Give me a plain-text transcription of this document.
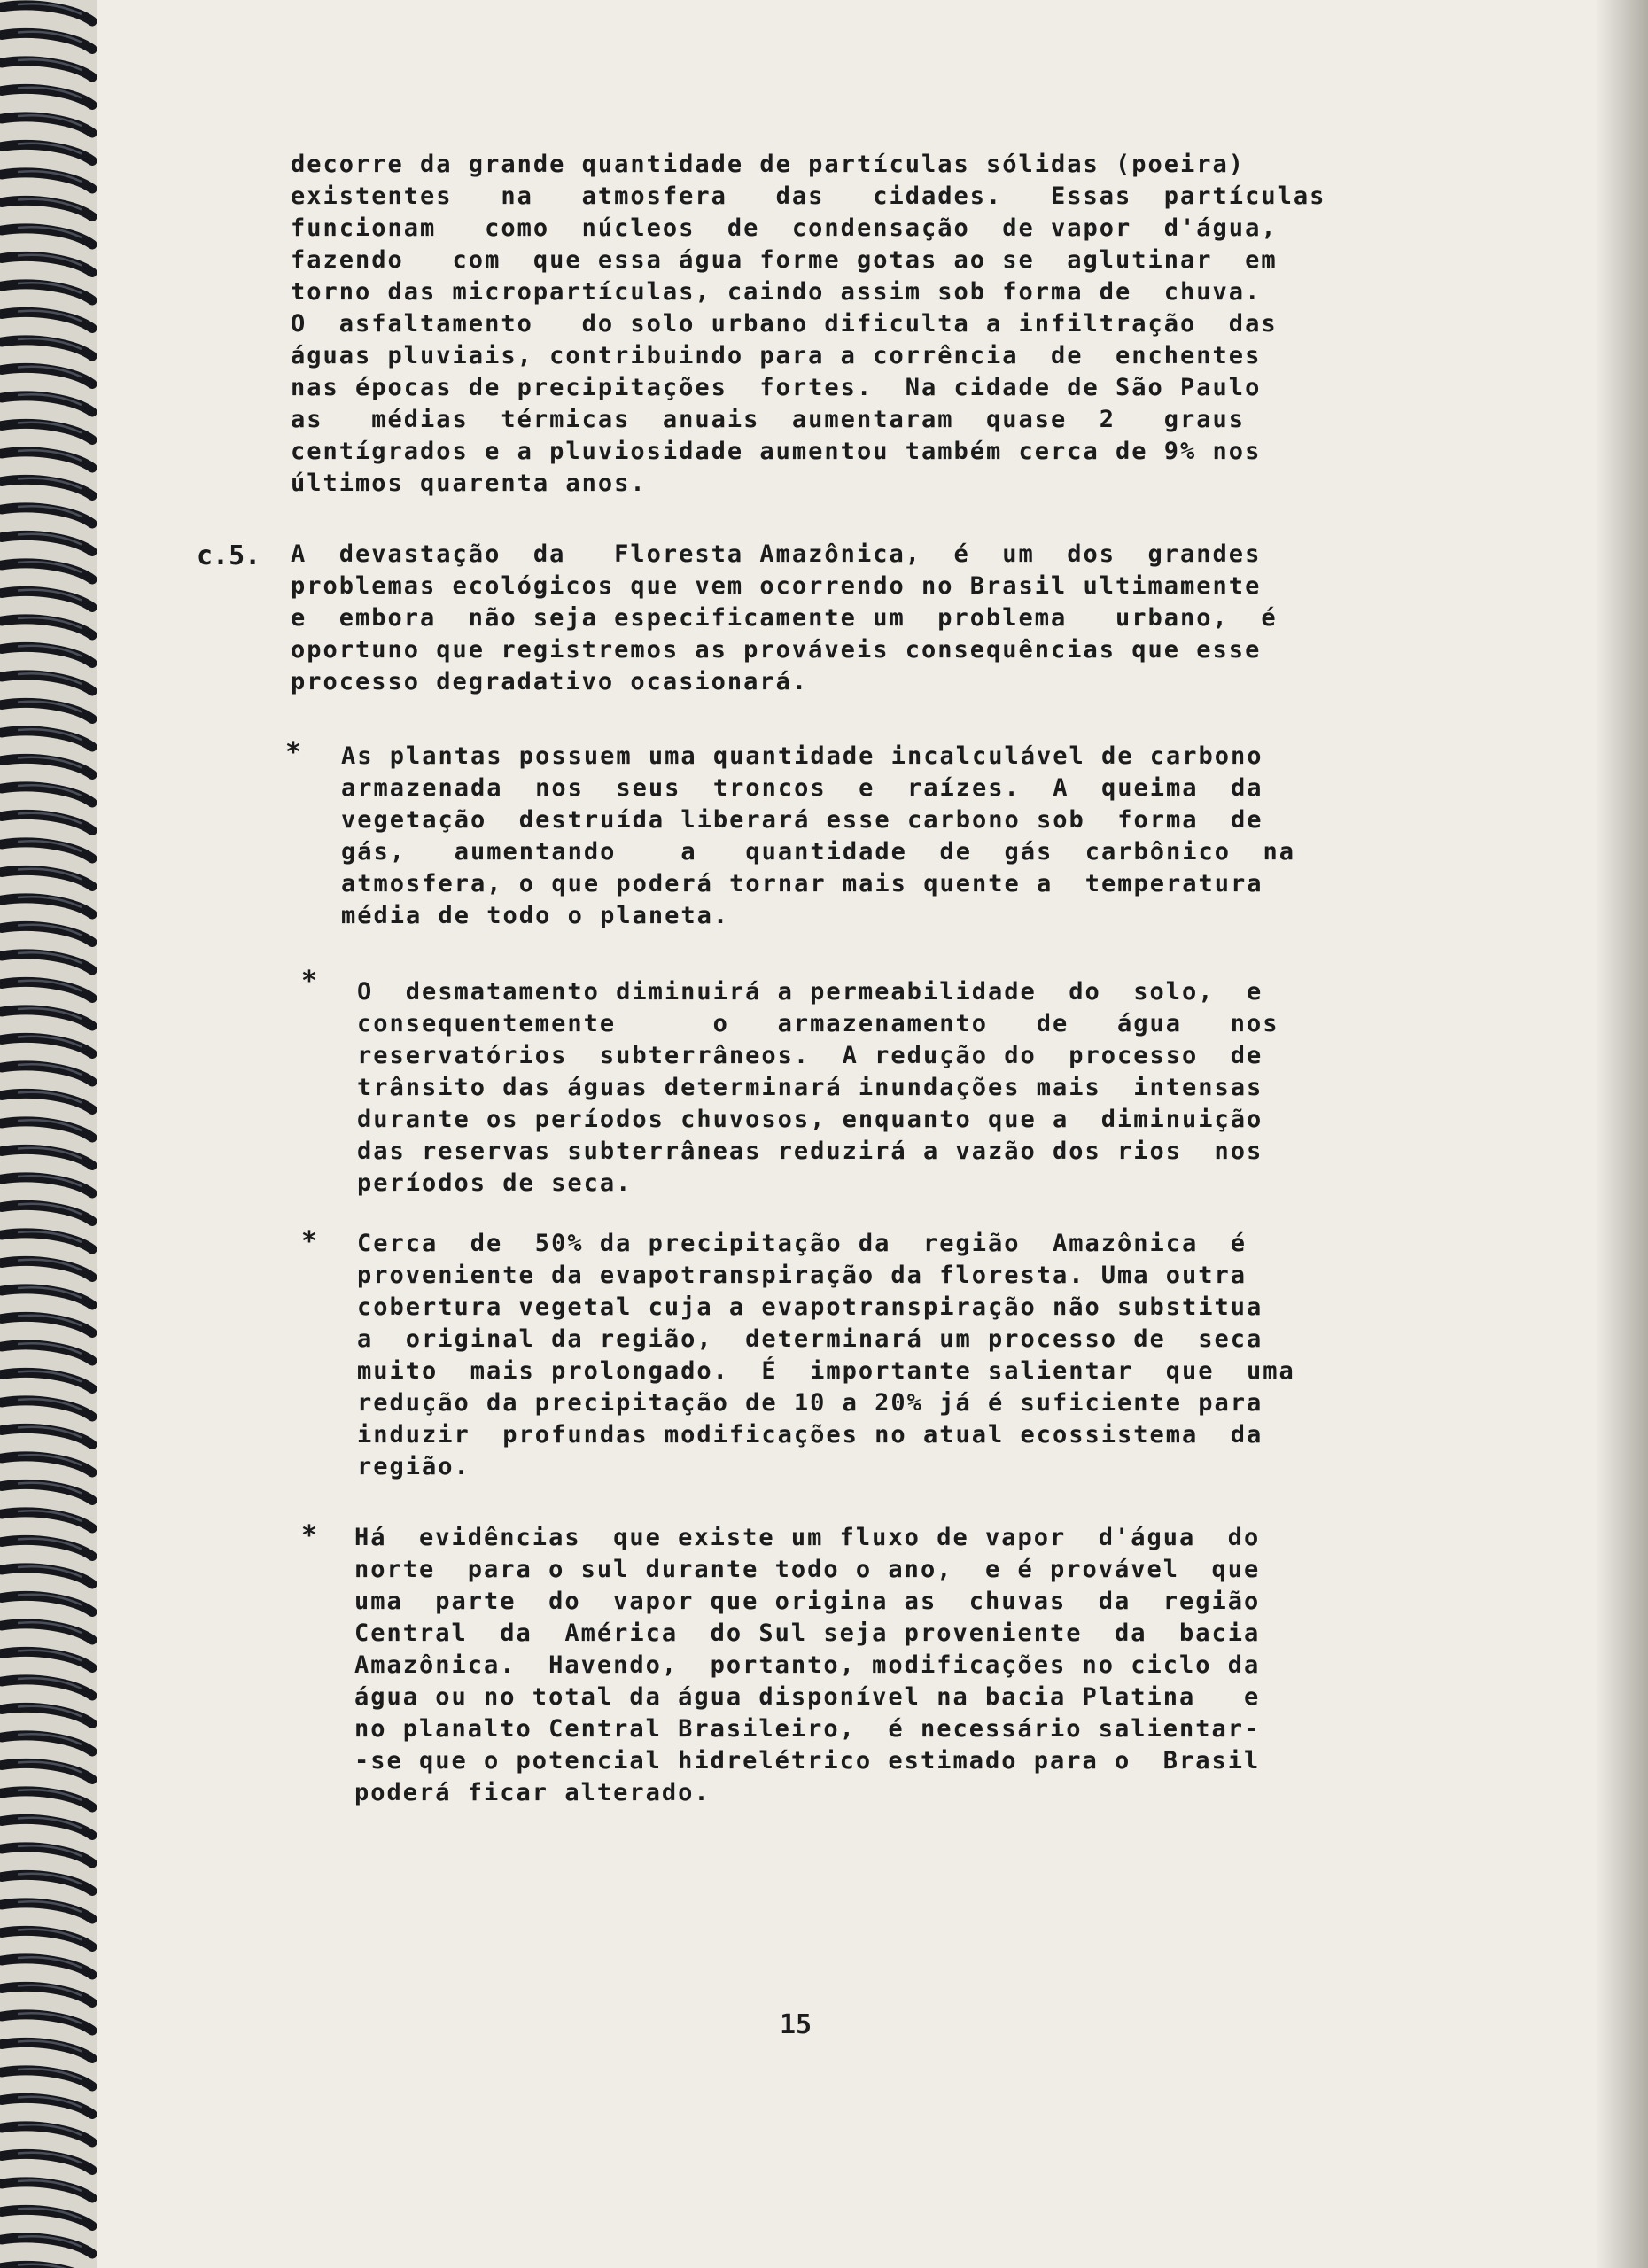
decorre da grande quantidade de partículas sólidas (poeira)
existentes   na   atmosfera   das   cidades.   Essas  partículas
funcionam   como  núcleos  de  condensação  de vapor  d'água,
fazendo   com  que essa água forme gotas ao se  aglutinar  em
torno das micropartículas, caindo assim sob forma de  chuva.
O  asfaltamento   do solo urbano dificulta a infiltração  das
águas pluviais, contribuindo para a corrência  de  enchentes
nas épocas de precipitações  fortes.  Na cidade de São Paulo
as   médias  térmicas  anuais  aumentaram  quase  2   graus
centígrados e a pluviosidade aumentou também cerca de 9% nos
últimos quarenta anos.
c.5. A  devastação  da   Floresta Amazônica,  é  um  dos  grandes
problemas ecológicos que vem ocorrendo no Brasil ultimamente
e  embora  não seja especificamente um  problema   urbano,  é
oportuno que registremos as prováveis consequências que esse
processo degradativo ocasionará.
* As plantas possuem uma quantidade incalculável de carbono
armazenada  nos  seus  troncos  e  raízes.  A  queima  da
vegetação  destruída liberará esse carbono sob  forma  de
gás,   aumentando    a   quantidade  de  gás  carbônico  na
atmosfera, o que poderá tornar mais quente a  temperatura
média de todo o planeta.
* O  desmatamento diminuirá a permeabilidade  do  solo,  e
consequentemente      o   armazenamento   de   água   nos
reservatórios  subterrâneos.  A redução do  processo  de
trânsito das águas determinará inundações mais  intensas
durante os períodos chuvosos, enquanto que a  diminuição
das reservas subterrâneas reduzirá a vazão dos rios  nos
períodos de seca.
* Cerca  de  50% da precipitação da  região  Amazônica  é
proveniente da evapotranspiração da floresta. Uma outra
cobertura vegetal cuja a evapotranspiração não substitua
a  original da região,  determinará um processo de  seca
muito  mais prolongado.  É  importante salientar  que  uma
redução da precipitação de 10 a 20% já é suficiente para
induzir  profundas modificações no atual ecossistema  da
região.
* Há  evidências  que existe um fluxo de vapor  d'água  do
norte  para o sul durante todo o ano,  e é provável  que
uma  parte  do  vapor que origina as  chuvas  da  região
Central  da  América  do Sul seja proveniente  da  bacia
Amazônica.  Havendo,  portanto, modificações no ciclo da
água ou no total da água disponível na bacia Platina   e
no planalto Central Brasileiro,  é necessário salientar-
-se que o potencial hidrelétrico estimado para o  Brasil
poderá ficar alterado.
15
